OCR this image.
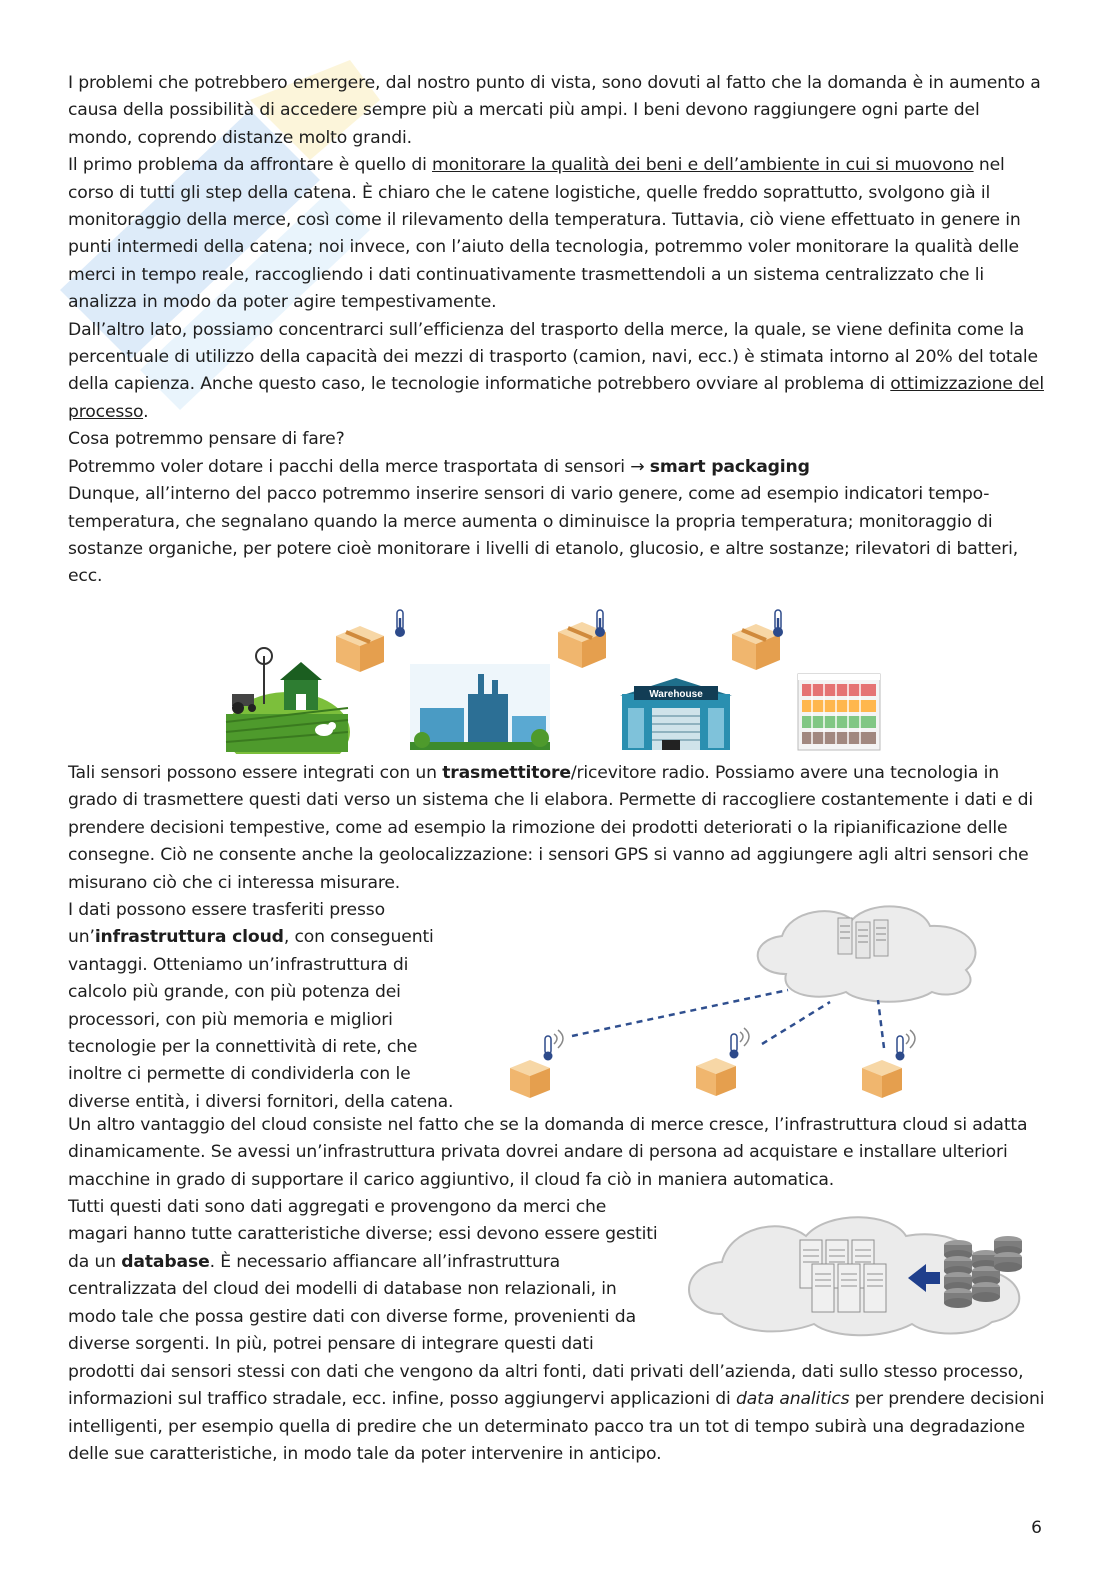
I problemi che potrebbero emergere, dal nostro punto di vista, sono dovuti al fatto che la domanda è in aumento a causa della possibilità di accedere sempre più a mercati più ampi. I beni devono raggiungere ogni parte del mondo, coprendo distanze molto grandi.

Il primo problema da affrontare è quello di monitorare la qualità dei beni e dell’ambiente in cui si muovono nel corso di tutti gli step della catena. È chiaro che le catene logistiche, quelle freddo soprattutto, svolgono già il monitoraggio della merce, così come il rilevamento della temperatura. Tuttavia, ciò viene effettuato in genere in punti intermedi della catena; noi invece, con l’aiuto della tecnologia, potremmo voler monitorare la qualità delle merci in tempo reale, raccogliendo i dati continuativamente trasmettendoli a un sistema centralizzato che li analizza in modo da poter agire tempestivamente.

Dall’altro lato, possiamo concentrarci sull’efficienza del trasporto della merce, la quale, se viene definita come la percentuale di utilizzo della capacità dei mezzi di trasporto (camion, navi, ecc.) è stimata intorno al 20% del totale della capienza. Anche questo caso, le tecnologie informatiche potrebbero ovviare al problema di ottimizzazione del processo.

Cosa potremmo pensare di fare?

Potremmo voler dotare i pacchi della merce trasportata di sensori → smart packaging

Dunque, all’interno del pacco potremmo inserire sensori di vario genere, come ad esempio indicatori tempo-temperatura, che segnalano quando la merce aumenta o diminuisce la propria temperatura; monitoraggio di sostanze organiche, per potere cioè monitorare i livelli di etanolo, glucosio, e altre sostanze; rilevatori di batteri, ecc.

Warehouse

Tali sensori possono essere integrati con un trasmettitore/ricevitore radio. Possiamo avere una tecnologia in grado di trasmettere questi dati verso un sistema che li elabora. Permette di raccogliere costantemente i dati e di prendere decisioni tempestive, come ad esempio la rimozione dei prodotti deteriorati o la ripianificazione delle consegne. Ciò ne consente anche la geolocalizzazione: i sensori GPS si vanno ad aggiungere agli altri sensori che misurano ciò che ci interessa misurare.

I dati possono essere trasferiti presso un’infrastruttura cloud, con conseguenti vantaggi. Otteniamo un’infrastruttura di calcolo più grande, con più potenza dei processori, con più memoria e migliori tecnologie per la connettività di rete, che inoltre ci permette di condividerla con le diverse entità, i diversi fornitori, della catena.

Un altro vantaggio del cloud consiste nel fatto che se la domanda di merce cresce, l’infrastruttura cloud si adatta dinamicamente. Se avessi un’infrastruttura privata dovrei andare di persona ad acquistare e installare ulteriori macchine in grado di supportare il carico aggiuntivo, il cloud fa ciò in maniera automatica.

Tutti questi dati sono dati aggregati e provengono da merci che magari hanno tutte caratteristiche diverse; essi devono essere gestiti da un database. È necessario affiancare all’infrastruttura centralizzata del cloud dei modelli di database non relazionali, in modo tale che possa gestire dati con diverse forme, provenienti da diverse sorgenti. In più, potrei pensare di integrare questi dati

prodotti dai sensori stessi con dati che vengono da altri fonti, dati privati dell’azienda, dati sullo stesso processo, informazioni sul traffico stradale, ecc. infine, posso aggiungervi applicazioni di data analitics per prendere decisioni intelligenti, per esempio quella di predire che un determinato pacco tra un tot di tempo subirà una degradazione delle sue caratteristiche, in modo tale da poter intervenire in anticipo.

6
